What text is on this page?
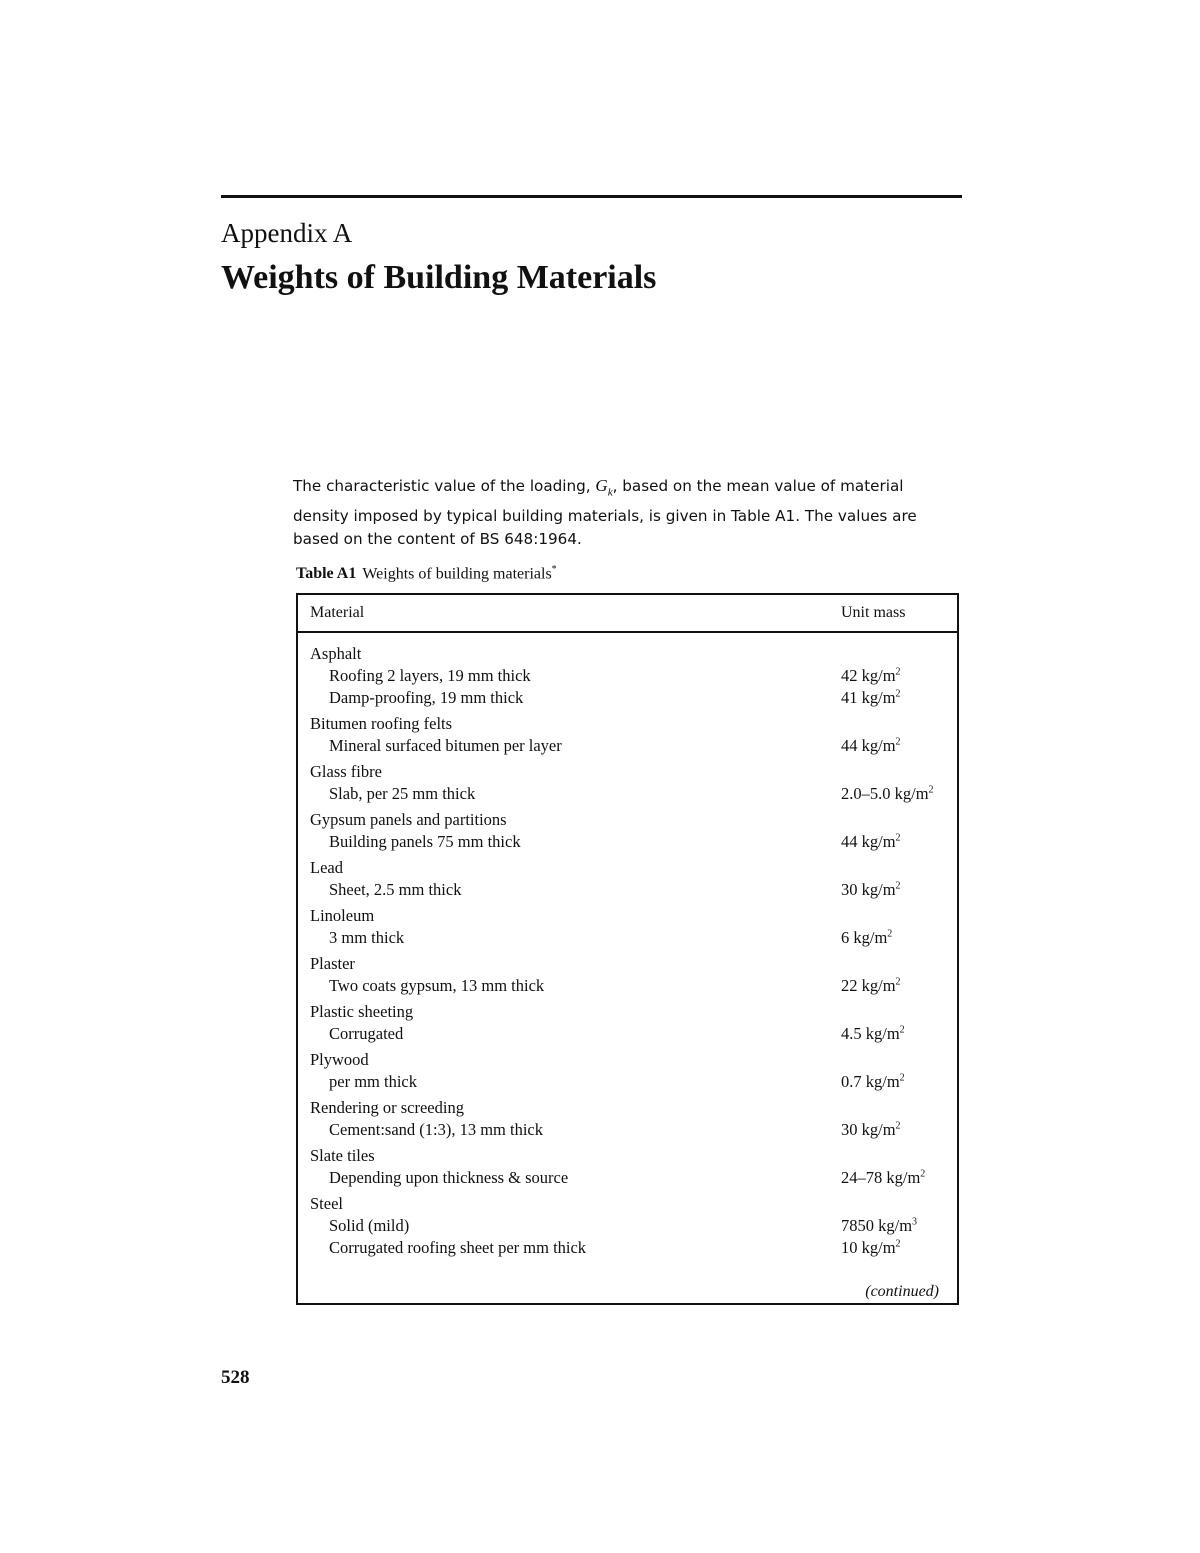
Appendix A
Weights of Building Materials

The characteristic value of the loading, $G_k$, based on the mean value of material density imposed by typical building materials, is given in Table A1. The values are based on the content of BS 648:1964.

Table A1 Weights of building materials*
Material	Unit mass
Asphalt
Roofing 2 layers, 19 mm thick	42 $kg/m^2$
Damp-proofing, 19 mm thick	41 $kg/m^2$
Bitumen roofing felts
Mineral surfaced bitumen per layer	44 $kg/m^2$
Glass fibre
Slab, per 25 mm thick	2.0–5.0 $kg/m^2$
Gypsum panels and partitions
Building panels 75 mm thick	44 $kg/m^2$
Lead
Sheet, 2.5 mm thick	30 $kg/m^2$
Linoleum
3 mm thick	6 $kg/m^2$
Plaster
Two coats gypsum, 13 mm thick	22 $kg/m^2$
Plastic sheeting
Corrugated	4.5 $kg/m^2$
Plywood
per mm thick	0.7 $kg/m^2$
Rendering or screeding
Cement:sand (1:3), 13 mm thick	30 $kg/m^2$
Slate tiles
Depending upon thickness & source	24–78 $kg/m^2$
Steel
Solid (mild)	7850 $kg/m^3$
Corrugated roofing sheet per mm thick	10 $kg/m^2$
(continued)
528
